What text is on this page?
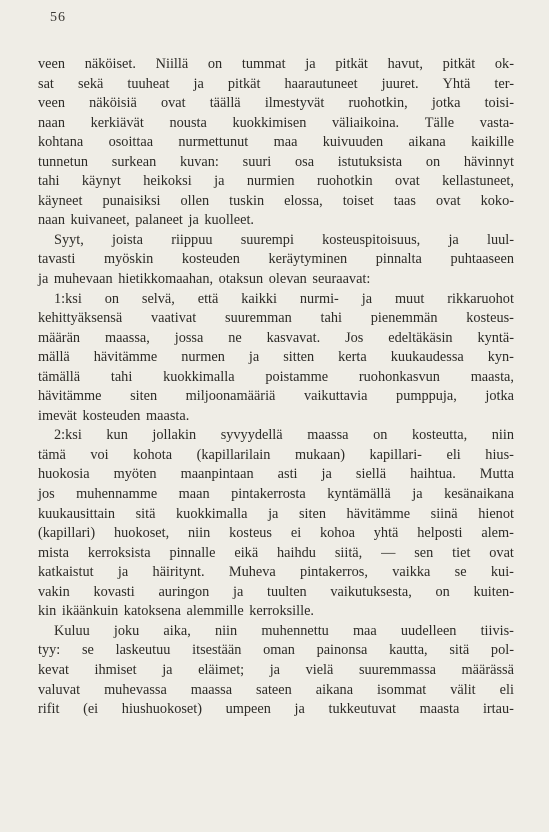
56
veen näköiset. Niillä on tummat ja pitkät havut, pitkät ok-
sat sekä tuuheat ja pitkät haarautuneet juuret. Yhtä ter-
veen näköisiä ovat täällä ilmestyvät ruohotkin, jotka toisi-
naan kerkiävät nousta kuokkimisen väliaikoina. Tälle vasta-
kohtana osoittaa nurmettunut maa kuivuuden aikana kaikille
tunnetun surkean kuvan: suuri osa istutuksista on hävinnyt
tahi käynyt heikoksi ja nurmien ruohotkin ovat kellastuneet,
käyneet punaisiksi ollen tuskin elossa, toiset taas ovat koko-
naan kuivaneet, palaneet ja kuolleet.
Syyt, joista riippuu suurempi kosteuspitoisuus, ja luul-
tavasti myöskin kosteuden keräytyminen pinnalta puhtaaseen
ja muhevaan hietikkomaahan, otaksun olevan seuraavat:
1:ksi on selvä, että kaikki nurmi- ja muut rikkaruohot
kehittyäksensä vaativat suuremman tahi pienemmän kosteus-
määrän maassa, jossa ne kasvavat. Jos edeltäkäsin kyntä-
mällä hävitämme nurmen ja sitten kerta kuukaudessa kyn-
tämällä tahi kuokkimalla poistamme ruohonkasvun maasta,
hävitämme siten miljoonamääriä vaikuttavia pumppuja, jotka
imevät kosteuden maasta.
2:ksi kun jollakin syvyydellä maassa on kosteutta, niin
tämä voi kohota (kapillarilain mukaan) kapillari- eli hius-
huokosia myöten maanpintaan asti ja siellä haihtua. Mutta
jos muhennamme maan pintakerrosta kyntämällä ja kesänaikana
kuukausittain sitä kuokkimalla ja siten hävitämme siinä hienot
(kapillari) huokoset, niin kosteus ei kohoa yhtä helposti alem-
mista kerroksista pinnalle eikä haihdu siitä, — sen tiet ovat
katkaistut ja häiritynt. Muheva pintakerros, vaikka se kui-
vakin kovasti auringon ja tuulten vaikutuksesta, on kuiten-
kin ikäänkuin katoksena alemmille kerroksille.
Kuluu joku aika, niin muhennettu maa uudelleen tiivis-
tyy: se laskeutuu itsestään oman painonsa kautta, sitä pol-
kevat ihmiset ja eläimet; ja vielä suuremmassa määrässä
valuvat muhevassa maassa sateen aikana isommat välit eli
rifit (ei hiushuokoset) umpeen ja tukkeutuvat maasta irtau-
